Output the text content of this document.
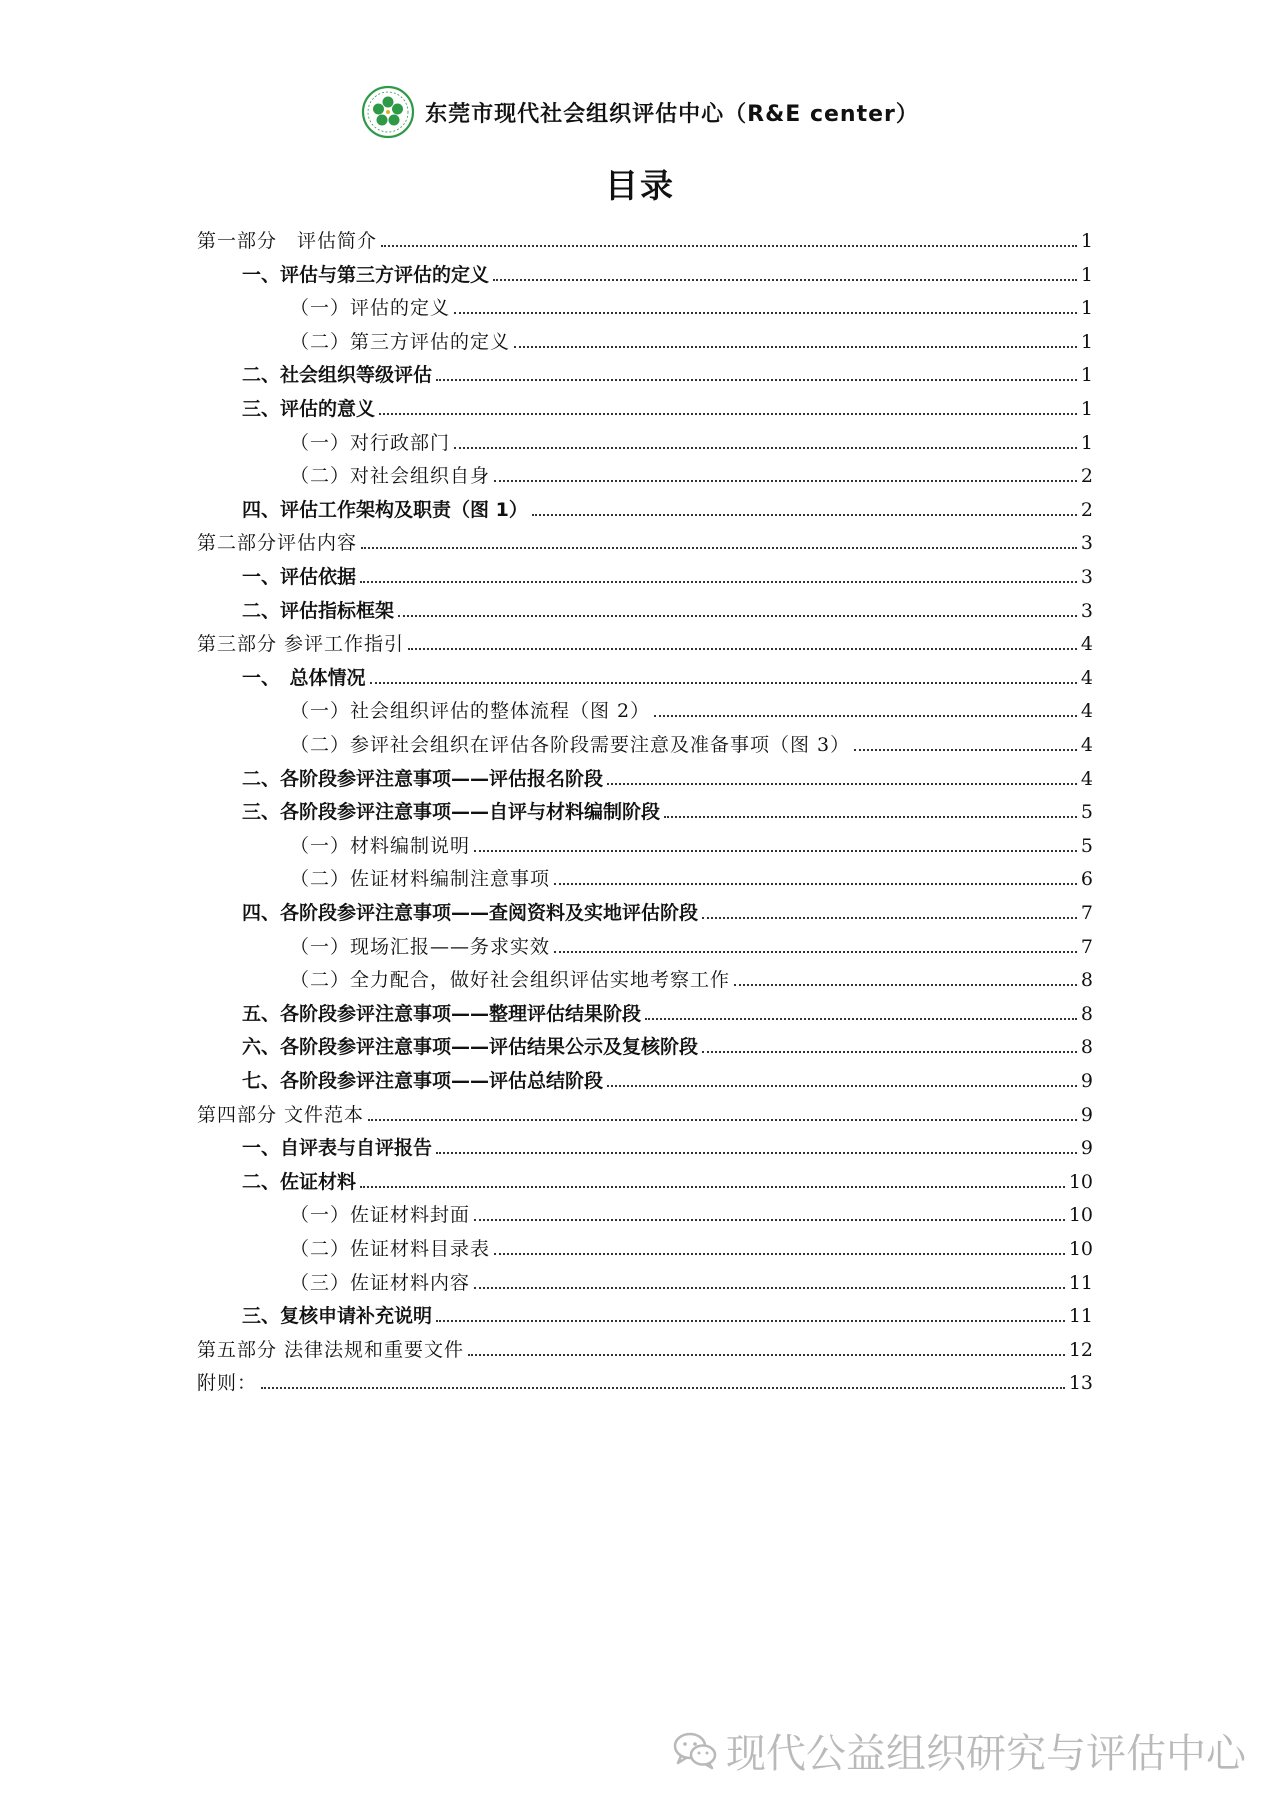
东莞市现代社会组织评估中心（R&E center）
目录
第一部分　评估简介	1
一、评估与第三方评估的定义	1
（一）评估的定义	1
（二）第三方评估的定义	1
二、社会组织等级评估	1
三、评估的意义	1
（一）对行政部门	1
（二）对社会组织自身	2
四、评估工作架构及职责（图 1）	2
第二部分评估内容	3
一、评估依据	3
二、评估指标框架	3
第三部分 参评工作指引	4
一、　总体情况	4
（一）社会组织评估的整体流程（图 2）	4
（二）参评社会组织在评估各阶段需要注意及准备事项（图 3）	4
二、各阶段参评注意事项——评估报名阶段	4
三、各阶段参评注意事项——自评与材料编制阶段	5
（一）材料编制说明	5
（二）佐证材料编制注意事项	6
四、各阶段参评注意事项——查阅资料及实地评估阶段	7
（一）现场汇报——务求实效	7
（二）全力配合，做好社会组织评估实地考察工作	8
五、各阶段参评注意事项——整理评估结果阶段	8
六、各阶段参评注意事项——评估结果公示及复核阶段	8
七、各阶段参评注意事项——评估总结阶段	9
第四部分 文件范本	9
一、自评表与自评报告	9
二、佐证材料	10
（一）佐证材料封面	10
（二）佐证材料目录表	10
（三）佐证材料内容	11
三、复核申请补充说明	11
第五部分 法律法规和重要文件	12
附则：	13
现代公益组织研究与评估中心
